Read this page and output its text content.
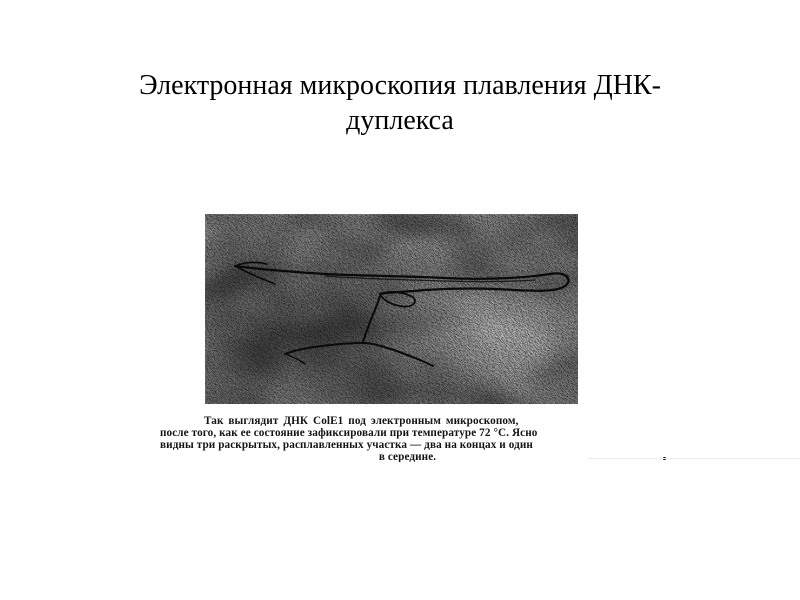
Электронная микроскопия плавления ДНК-
дуплекса
Так выглядит ДНК ColE1 под электронным микроскопом,
после того, как ее состояние зафиксировали при температуре 72 °С. Ясно
видны три раскрытых, расплавленных участка — два на концах и один
в середине.
